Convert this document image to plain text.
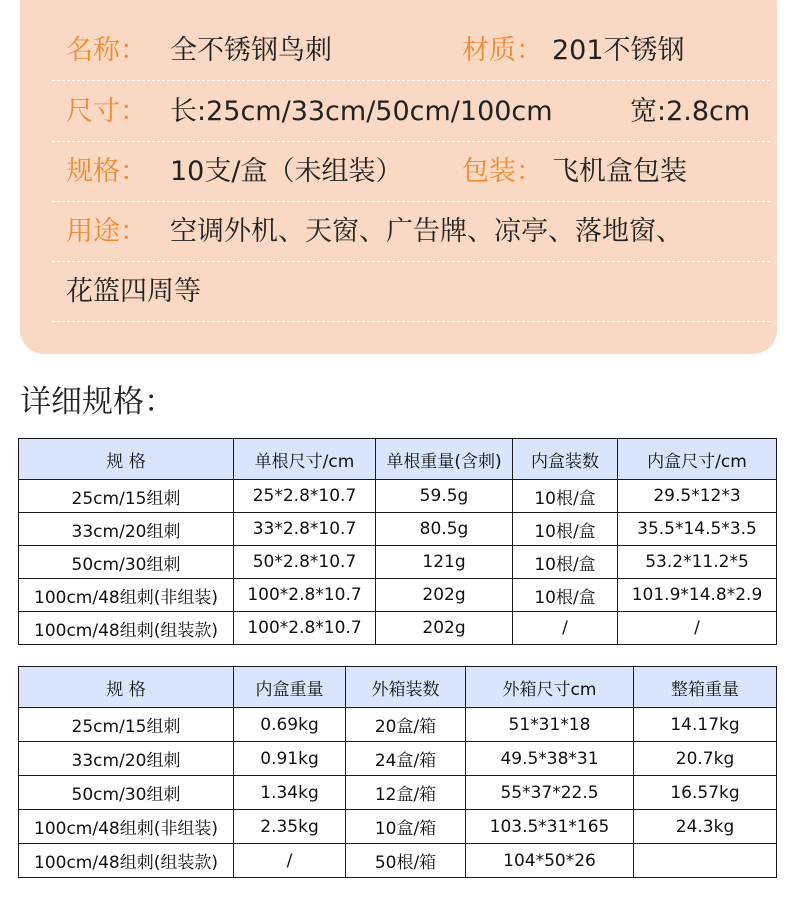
名称： 全不锈钢鸟刺	材质： 201不锈钢
尺寸： 长:25cm/33cm/50cm/100cm	宽:2.8cm
规格： 10支/盒（未组装） 包装： 飞机盒包装
用途： 空调外机、天窗、广告牌、凉亭、落地窗、
花篮四周等
详细规格：
规 格	单根尺寸/cm	单根重量(含刺)	内盒装数	内盒尺寸/cm
25cm/15组刺	25*2.8*10.7	59.5g	10根/盒	29.5*12*3
33cm/20组刺	33*2.8*10.7	80.5g	10根/盒	35.5*14.5*3.5
50cm/30组刺	50*2.8*10.7	121g	10根/盒	53.2*11.2*5
100cm/48组刺(非组装)	100*2.8*10.7	202g	10根/盒	101.9*14.8*2.9
100cm/48组刺(组装款)	100*2.8*10.7	202g	/	/
规 格	内盒重量	外箱装数	外箱尺寸cm	整箱重量
25cm/15组刺	0.69kg	20盒/箱	51*31*18	14.17kg
33cm/20组刺	0.91kg	24盒/箱	49.5*38*31	20.7kg
50cm/30组刺	1.34kg	12盒/箱	55*37*22.5	16.57kg
100cm/48组刺(非组装)	2.35kg	10盒/箱	103.5*31*165	24.3kg
100cm/48组刺(组装款)	/	50根/箱	104*50*26	
